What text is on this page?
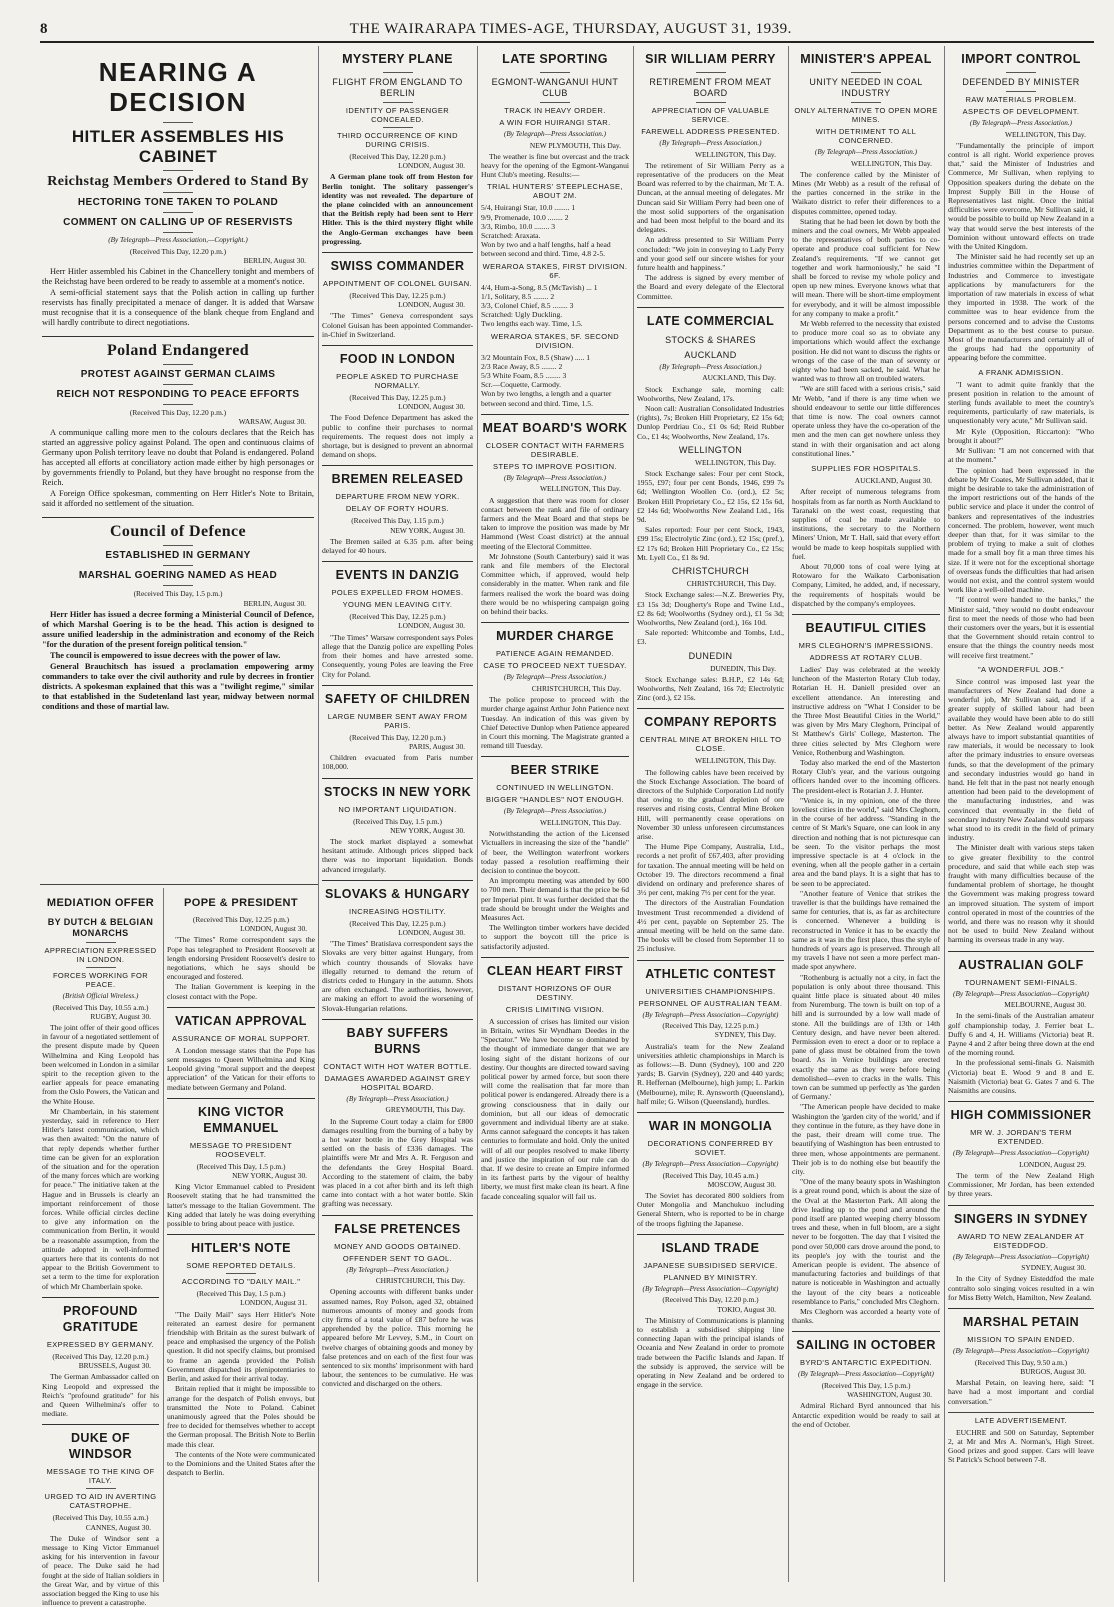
8	THE WAIRARAPA TIMES-AGE, THURSDAY, AUGUST 31, 1939.
NEARING A DECISION
HITLER ASSEMBLES HIS CABINET
Reichstag Members Ordered to Stand By
HECTORING TONE TAKEN TO POLAND
COMMENT ON CALLING UP OF RESERVISTS
(By Telegraph—Press Association,—Copyright.)
(Received This Day, 12.20 p.m.)
BERLIN, August 30.

Herr Hitler assembled his Cabinet in the Chancellery tonight and members of the Reichstag have been ordered to be ready to assemble at a moment's notice.

A semi-official statement says that the Polish action in calling up further reservists has finally precipitated a menace of danger. It is added that Warsaw must recognise that it is a consequence of the blank cheque from England and will hardly contribute to direct negotiations.

Poland Endangered
PROTEST AGAINST GERMAN CLAIMS
REICH NOT RESPONDING TO PEACE EFFORTS
(Received This Day, 12.20 p.m.)
WARSAW, August 30.

A communique calling more men to the colours declares that the Reich has started an aggressive policy against Poland. The open and continuous claims of Germany upon Polish territory leave no doubt that Poland is endangered. Poland has accepted all efforts at conciliatory action made either by high personages or by governments friendly to Poland, but they have brought no response from the Reich.

A Foreign Office spokesman, commenting on Herr Hitler's Note to Britain, said it afforded no settlement of the situation.

Council of Defence
ESTABLISHED IN GERMANY
MARSHAL GOERING NAMED AS HEAD
(Received This Day, 1.5 p.m.)
BERLIN, August 30.

Herr Hitler has issued a decree forming a Ministerial Council of Defence, of which Marshal Goering is to be the head. This action is designed to assure unified leadership in the administration and economy of the Reich "for the duration of the present foreign political tension."

The council is empowered to issue decrees with the power of law.

General Brauchitsch has issued a proclamation empowering army commanders to take over the civil authority and rule by decrees in frontier districts. A spokesman explained that this was a "twilight regime," similar to that established in the Sudetenland last year, midway between normal conditions and those of martial law.

MEDIATION OFFER
BY DUTCH & BELGIAN MONARCHS
APPRECIATION EXPRESSED IN LONDON.
FORCES WORKING FOR PEACE.
(British Official Wireless.)
(Received This Day, 10.55 a.m.)
RUGBY, August 30.

The joint offer of their good offices in favour of a negotiated settlement of the present dispute made by Queen Wilhelmina and King Leopold has been welcomed in London in a similar spirit to the reception given to the earlier appeals for peace emanating from the Oslo Powers, the Vatican and the White House.

Mr Chamberlain, in his statement yesterday, said in reference to Herr Hitler's latest communication, which was then awaited: "On the nature of that reply depends whether further time can be given for an exploration of the situation and for the operation of the many forces which are working for peace." The initiative taken at the Hague and in Brussels is clearly an important reinforcement of those forces. While official circles decline to give any information on the communication from Berlin, it would be a reasonable assumption, from the attitude adopted in well-informed quarters here that its contents do not appear to the British Government to set a term to the time for exploration of which Mr Chamberlain spoke.

PROFOUND GRATITUDE
EXPRESSED BY GERMANY.
(Received This Day, 12.20 p.m.)
BRUSSELS, August 30.

The German Ambassador called on King Leopold and expressed the Reich's "profound gratitude" for his and Queen Wilhelmina's offer to mediate.

DUKE OF WINDSOR
MESSAGE TO THE KING OF ITALY.
URGED TO AID IN AVERTING CATASTROPHE.
(Received This Day, 10.55 a.m.)
CANNES, August 30.

The Duke of Windsor sent a message to King Victor Emmanuel asking for his intervention in favour of peace. The Duke said he had fought at the side of Italian soldiers in the Great War, and by virtue of this association begged the King to use his influence to prevent a catastrophe.

POPE & PRESIDENT
(Received This Day, 12.25 p.m.)
LONDON, August 30.

"The Times" Rome correspondent says the Pope has telegraphed to President Roosevelt at length endorsing President Roosevelt's desire to negotiations, which he says should be encouraged and fostered.

The Italian Government is keeping in the closest contact with the Pope.

VATICAN APPROVAL
ASSURANCE OF MORAL SUPPORT.

A London message states that the Pope has sent messages to Queen Wilhelmina and King Leopold giving "moral support and the deepest appreciation" of the Vatican for their efforts to mediate between Germany and Poland.

KING VICTOR EMMANUEL
MESSAGE TO PRESIDENT ROOSEVELT.
(Received This Day, 1.5 p.m.)
NEW YORK, August 30.

King Victor Emmanuel cabled to President Roosevelt stating that he had transmitted the latter's message to the Italian Government. The King added that lately he was doing everything possible to bring about peace with justice.

HITLER'S NOTE
SOME REPORTED DETAILS.
ACCORDING TO "DAILY MAIL."
(Received This Day, 1.5 p.m.)
LONDON, August 31.

"The Daily Mail" says Herr Hitler's Note reiterated an earnest desire for permanent friendship with Britain as the surest bulwark of peace and emphasised the urgency of the Polish question. It did not specify claims, but promised to frame an agenda provided the Polish Government dispatched its plenipotentiaries to Berlin, and asked for their arrival today.

Britain replied that it might be impossible to arrange for the despatch of Polish envoys, but transmitted the Note to Poland. Cabinet unanimously agreed that the Poles should be free to decided for themselves whether to accept the German proposal. The British Note to Berlin made this clear.

The contents of the Note were communicated to the Dominions and the United States after the despatch to Berlin.

MYSTERY PLANE
FLIGHT FROM ENGLAND TO BERLIN
IDENTITY OF PASSENGER CONCEALED.
THIRD OCCURRENCE OF KIND DURING CRISIS.
(Received This Day, 12.20 p.m.)
LONDON, August 30.

A German plane took off from Heston for Berlin tonight. The solitary passenger's identity was not revealed. The departure of the plane coincided with an announcement that the British reply had been sent to Herr Hitler. This is the third mystery flight while the Anglo-German exchanges have been progressing.

SWISS COMMANDER
APPOINTMENT OF COLONEL GUISAN.
(Received This Day, 12.25 p.m.)
LONDON, August 30.

"The Times" Geneva correspondent says Colonel Guisan has been appointed Commander-in-Chief in Switzerland.

FOOD IN LONDON
PEOPLE ASKED TO PURCHASE NORMALLY.
(Received This Day, 12.25 p.m.)
LONDON, August 30.

The Food Defence Department has asked the public to confine their purchases to normal requirements. The request does not imply a shortage, but is designed to prevent an abnormal demand on shops.

BREMEN RELEASED
DEPARTURE FROM NEW YORK.
DELAY OF FORTY HOURS.
(Received This Day, 1.15 p.m.)
NEW YORK, August 30.

The Bremen sailed at 6.35 p.m. after being delayed for 40 hours.

EVENTS IN DANZIG
POLES EXPELLED FROM HOMES.
YOUNG MEN LEAVING CITY.
(Received This Day, 12.25 p.m.)
LONDON, August 30.

"The Times" Warsaw correspondent says Poles allege that the Danzig police are expelling Poles from their homes and have arrested some. Consequently, young Poles are leaving the Free City for Poland.

SAFETY OF CHILDREN
LARGE NUMBER SENT AWAY FROM PARIS.
(Received This Day, 12.20 p.m.)
PARIS, August 30.

Children evacuated from Paris number 108,000.

STOCKS IN NEW YORK
NO IMPORTANT LIQUIDATION.
(Received This Day, 1.5 p.m.)
NEW YORK, August 30.

The stock market displayed a somewhat hesitant attitude. Although prices slipped back there was no important liquidation. Bonds advanced irregularly.

SLOVAKS & HUNGARY
INCREASING HOSTILITY.
(Received This Day, 12.25 p.m.)
LONDON, August 30.

"The Times" Bratislava correspondent says the Slovaks are very bitter against Hungary, from which country thousands of Slovaks have illegally returned to demand the return of districts ceded to Hungary in the autumn. Shots are often exchanged. The authorities, however, are making an effort to avoid the worsening of Slovak-Hungarian relations.

BABY SUFFERS BURNS
CONTACT WITH HOT WATER BOTTLE.
DAMAGES AWARDED AGAINST GREY HOSPITAL BOARD.
(By Telegraph—Press Association.)
GREYMOUTH, This Day.

In the Supreme Court today a claim for £800 damages resulting from the burning of a baby by a hot water bottle in the Grey Hospital was settled on the basis of £336 damages. The plaintiffs were Mr and Mrs A. R. Ferguson and the defendants the Grey Hospital Board. According to the statement of claim, the baby was placed in a cot after birth and its left thigh came into contact with a hot water bottle. Skin grafting was necessary.

FALSE PRETENCES
MONEY AND GOODS OBTAINED.
OFFENDER SENT TO GAOL.
(By Telegraph—Press Association.)
CHRISTCHURCH, This Day.

Opening accounts with different banks under assumed names, Roy Polson, aged 32, obtained numerous amounts of money and goods from city firms of a total value of £87 before he was apprehended by the police. This morning he appeared before Mr Levvey, S.M., in Court on twelve charges of obtaining goods and money by false pretences and on each of the first four was sentenced to six months' imprisonment with hard labour, the sentences to be cumulative. He was convicted and discharged on the others.

LATE SPORTING
EGMONT-WANGANUI HUNT CLUB
TRACK IN HEAVY ORDER.
A WIN FOR HUIRANGI STAR.
(By Telegraph—Press Association.)
NEW PLYMOUTH, This Day.

The weather is fine but overcast and the track heavy for the opening of the Egmont-Wanganui Hunt Club's meeting. Results:—

TRIAL HUNTERS' STEEPLECHASE, ABOUT 2M.
5/4, Huirangi Star, 10.0 ........ 1
9/9, Promenade, 10.0 ........ 2
3/3, Rimbo, 10.0 ........ 3
Scratched: Araxata.
Won by two and a half lengths, half a head between second and third. Time, 4.8 2-5.
WERAROA STAKES, FIRST DIVISION. 6F.
4/4, Hum-a-Song, 8.5 (McTavish) ... 1
1/1, Solitary, 8.5 ........ 2
3/3, Colonel Chief, 8.5 ........ 3
Scratched: Ugly Duckling.
Two lengths each way. Time, 1.5.
WERAROA STAKES, 5F. SECOND DIVISION.
3/2 Mountain Fox, 8.5 (Shaw) ..... 1
2/3 Race Away, 8.5 ........ 2
5/3 White Foam, 8.5 ........ 3
Scr.—Coquette, Carmody.
Won by two lengths, a length and a quarter between second and third. Time, 1.5.
MEAT BOARD'S WORK
CLOSER CONTACT WITH FARMERS DESIRABLE.
STEPS TO IMPROVE POSITION.
(By Telegraph—Press Association.)
WELLINGTON, This Day.

A suggestion that there was room for closer contact between the rank and file of ordinary farmers and the Meat Board and that steps be taken to improve the position was made by Mr Hammond (West Coast district) at the annual meeting of the Electoral Committee.

Mr Johnstone (South Canterbury) said it was rank and file members of the Electoral Committee which, if approved, would help considerably in the matter. When rank and file farmers realised the work the board was doing there would be no whispering campaign going on behind their backs.

MURDER CHARGE
PATIENCE AGAIN REMANDED.
CASE TO PROCEED NEXT TUESDAY.
(By Telegraph—Press Association.)
CHRISTCHURCH, This Day.

The police propose to proceed with the murder charge against Arthur John Patience next Tuesday. An indication of this was given by Chief Detective Dunlop when Patience appeared in Court this morning. The Magistrate granted a remand till Tuesday.

BEER STRIKE
CONTINUED IN WELLINGTON.
BIGGER "HANDLES" NOT ENOUGH.
(By Telegraph—Press Association.)
WELLINGTON, This Day.

Notwithstanding the action of the Licensed Victuallers in increasing the size of the "handle" of beer, the Wellington waterfront workers today passed a resolution reaffirming their decision to continue the boycott.

An impromptu meeting was attended by 600 to 700 men. Their demand is that the price be 6d per Imperial pint. It was further decided that the trade should be brought under the Weights and Measures Act.

The Wellington timber workers have decided to support the boycott till the price is satisfactorily adjusted.

CLEAN HEART FIRST
DISTANT HORIZONS OF OUR DESTINY.
CRISIS LIMITING VISION.

A succession of crises has limited our vision in Britain, writes Sir Wyndham Deedes in the "Spectator." We have become so dominated by the thought of immediate danger that we are losing sight of the distant horizons of our destiny. Our thoughts are directed toward saving political power by armed force, but soon there will come the realisation that far more than political power is endangered. Already there is a growing consciousness that in daily our dominion, but all our ideas of democratic government and individual liberty are at stake. Arms cannot safeguard the concepts it has taken centuries to formulate and hold. Only the united will of all our peoples resolved to make liberty and justice the inspiration of our rule can do that. If we desire to create an Empire informed in its farthest parts by the vigour of healthy liberty, we must first make clean its heart. A fine facade concealing squalor will fail us.

SIR WILLIAM PERRY
RETIREMENT FROM MEAT BOARD
APPRECIATION OF VALUABLE SERVICE.
FAREWELL ADDRESS PRESENTED.
(By Telegraph—Press Association.)
WELLINGTON, This Day.

The retirement of Sir William Perry as a representative of the producers on the Meat Board was referred to by the chairman, Mr T. A. Duncan, at the annual meeting of delegates. Mr Duncan said Sir William Perry had been one of the most solid supporters of the organisation and had been most helpful to the board and its delegates.

An address presented to Sir William Perry concluded: "We join in conveying to Lady Perry and your good self our sincere wishes for your future health and happiness."

The address is signed by every member of the Board and every delegate of the Electoral Committee.

LATE COMMERCIAL
STOCKS & SHARES
AUCKLAND
(By Telegraph—Press Association.)
AUCKLAND, This Day.

Stock Exchange sale, morning call: Woolworths, New Zealand, 17s.

Noon call: Australian Consolidated Industries (rights), 7s; Broken Hill Proprietary, £2 15s 6d; Dunlop Perdriau Co., £1 0s 6d; Reid Rubber Co., £1 4s; Woolworths, New Zealand, 17s.

WELLINGTON
WELLINGTON, This Day.

Stock Exchange sales: Four per cent Stock, 1955, £97; four per cent Bonds, 1946, £99 7s 6d; Wellington Woollen Co. (ord.), £2 5s; Broken Hill Proprietary Co., £2 15s, £2 15s 6d, £2 14s 6d; Woolworths New Zealand Ltd., 16s 9d.

Sales reported: Four per cent Stock, 1943, £99 15s; Electrolytic Zinc (ord.), £2 15s; (pref.), £2 17s 6d; Broken Hill Proprietary Co., £2 15s; Mt. Lyell Co., £1 8s 9d.

CHRISTCHURCH
CHRISTCHURCH, This Day.

Stock Exchange sales:—N.Z. Breweries Pty, £3 15s 3d; Dougherty's Rope and Twine Ltd., £2 8s 6d; Woolworths (Sydney ord.), £1 5s 3d; Woolworths, New Zealand (ord.), 16s 10d.

Sale reported: Whitcombe and Tombs, Ltd., £3.

DUNEDIN
DUNEDIN, This Day.

Stock Exchange sales: B.H.P., £2 14s 6d; Woolworths, Nelt Zealand, 16s 7d; Electrolytic Zinc (ord.), £2 15s.

COMPANY REPORTS
CENTRAL MINE AT BROKEN HILL TO CLOSE.
WELLINGTON, This Day.

The following cables have been received by the Stock Exchange Association. The board of directors of the Sulphide Corporation Ltd notify that owing to the gradual depletion of ore reserves and rising costs, Central Mine Broken Hill, will permanently cease operations on November 30 unless unforeseen circumstances arise.

The Hume Pipe Company, Australia, Ltd., records a net profit of £67,403, after providing for taxation. The annual meeting will be held on October 19. The directors recommend a final dividend on ordinary and preference shares of 3½ per cent, making 7½ per cent for the year.

The directors of the Australian Foundation Investment Trust recommended a dividend of 4½ per cent, payable on September 25. The annual meeting will be held on the same date. The books will be closed from September 11 to 25 inclusive.

ATHLETIC CONTEST
UNIVERSITIES CHAMPIONSHIPS.
PERSONNEL OF AUSTRALIAN TEAM.
(By Telegraph—Press Association—Copyright)
(Received This Day, 12.25 p.m.)
SYDNEY, This Day.

Australia's team for the New Zealand universities athletic championships in March is as follows:—B. Dunn (Sydney), 100 and 220 yards; B. Garvin (Sydney), 220 and 440 yards; R. Heffernan (Melbourne), high jump; L. Parkin (Melbourne), mile; R. Aynsworth (Queensland), half mile; G. Wilson (Queensland), hurdles.

WAR IN MONGOLIA
DECORATIONS CONFERRED BY SOVIET.
(By Telegraph—Press Association—Copyright)
(Received This Day, 10.45 a.m.)
MOSCOW, August 30.

The Soviet has decorated 800 soldiers from Outer Mongolia and Manchukuo including General Shtern, who is reported to be in charge of the troops fighting the Japanese.

ISLAND TRADE
JAPANESE SUBSIDISED SERVICE.
PLANNED BY MINISTRY.
(By Telegraph—Press Association—Copyright)
(Received This Day, 12.20 p.m.)
TOKIO, August 30.

The Ministry of Communications is planning to establish a subsidised shipping line connecting Japan with the principal islands of Oceania and New Zealand in order to promote trade between the Pacific Islands and Japan. If the subsidy is approved, the service will be operating in New Zealand and be ordered to engage in the service.

MINISTER'S APPEAL
UNITY NEEDED IN COAL INDUSTRY
ONLY ALTERNATIVE TO OPEN MORE MINES.
WITH DETRIMENT TO ALL CONCERNED.
(By Telegraph—Press Association.)
WELLINGTON, This Day.

The conference called by the Minister of Mines (Mr Webb) as a result of the refusal of the parties concerned in the strike in the Waikato district to refer their differences to a disputes committee, opened today.

Stating that he had been let down by both the miners and the coal owners, Mr Webb appealed to the representatives of both parties to co-operate and produce coal sufficient for New Zealand's requirements. "If we cannot get together and work harmoniously," he said "I shall be forced to revise my whole policy and open up new mines. Everyone knows what that will mean. There will be short-time employment for everybody, and it will be almost impossible for any company to make a profit."

Mr Webb referred to the necessity that existed to produce more coal so as to obviate any importations which would affect the exchange position. He did not want to discuss the rights or wrongs of the case of the man of seventy or eighty who had been sacked, he said. What he wanted was to throw all on troubled waters.

"We are still faced with a serious crisis," said Mr Webb, "and if there is any time when we should endeavour to settle our little differences that time is now. The coal owners cannot operate unless they have the co-operation of the men and the men can get nowhere unless they stand in with their organisation and act along constitutional lines."

SUPPLIES FOR HOSPITALS.
AUCKLAND, August 30.

After receipt of numerous telegrams from hospitals from as far north as North Auckland to Taranaki on the west coast, requesting that supplies of coal be made available to institutions, the secretary to the Northern Miners' Union, Mr T. Hall, said that every effort would be made to keep hospitals supplied with fuel.

About 70,000 tons of coal were lying at Rotowaro for the Waikato Carbonisation Company, Limited, he added, and, if necessary, the requirements of hospitals would be dispatched by the company's employees.

BEAUTIFUL CITIES
MRS CLEGHORN'S IMPRESSIONS.
ADDRESS AT ROTARY CLUB.

Ladies' Day was celebrated at the weekly luncheon of the Masterton Rotary Club today, Rotarian H. H. Daniell presided over an excellent attendance. An interesting and instructive address on "What I Consider to be the Three Most Beautiful Cities in the World," was given by Mrs Mary Cleghorn, Principal of St Matthew's Girls' College, Masterton. The three cities selected by Mrs Cleghorn were Venice, Rothenburg and Washington.

Today also marked the end of the Masterton Rotary Club's year, and the various outgoing officers handed over to the incoming officers. The president-elect is Rotarian J. J. Hunter.

"Venice is, in my opinion, one of the three loveliest cities in the world," said Mrs Cleghorn, in the course of her address. "Standing in the centre of St Mark's Square, one can look in any direction and nothing that is not picturesque can be seen. To the visitor perhaps the most impressive spectacle is at 4 o'clock in the evening, when all the people gather in a certain area and the band plays. It is a sight that has to be seen to be appreciated.

"Another feature of Venice that strikes the traveller is that the buildings have remained the same for centuries, that is, as far as architecture is concerned. Whenever a building is reconstructed in Venice it has to be exactly the same as it was in the first place, thus the style of hundreds of years ago is preserved. Through all my travels I have not seen a more perfect man-made spot anywhere.

"Rothenburg is actually not a city, in fact the population is only about three thousand. This quaint little place is situated about 40 miles from Nuremburg. The town is built on top of a hill and is surrounded by a low wall made of stone. All the buildings are of 13th or 14th Century design, and have never been altered. Permission even to erect a door or to replace a pane of glass must be obtained from the town board. As in Venice buildings are erected exactly the same as they were before being demolished—even to cracks in the walls. This town can be summed up perfectly as 'the garden of Germany.'

"The American people have decided to make Washington the 'garden city of the world,' and if they continue in the future, as they have done in the past, their dream will come true. The beautifying of Washington has been entrusted to three men, whose appointments are permanent. Their job is to do nothing else but beautify the city.

"One of the many beauty spots in Washington is a great round pond, which is about the size of the Oval at the Masterton Park. All along the drive leading up to the pond and around the pond itself are planted weeping cherry blossom trees and these, when in full bloom, are a sight never to be forgotten. The day that I visited the pond over 50,000 cars drove around the pond, to its people's joy with the tourist and the American people is evident. The absence of manufacturing factories and buildings of that nature is noticeable in Washington and actually the layout of the city bears a noticeable resemblance to Paris," concluded Mrs Cleghorn.

Mrs Cleghorn was accorded a hearty vote of thanks.

SAILING IN OCTOBER
BYRD'S ANTARCTIC EXPEDITION.
(By Telegraph—Press Association—Copyright)
(Received This Day, 1.5 p.m.)
WASHINGTON, August 30.

Admiral Richard Byrd announced that his Antarctic expedition would be ready to sail at the end of October.

IMPORT CONTROL
DEFENDED BY MINISTER
RAW MATERIALS PROBLEM.
ASPECTS OF DEVELOPMENT.
(By Telegraph—Press Association.)
WELLINGTON, This Day.

"Fundamentally the principle of import control is all right. World experience proves that," said the Minister of Industries and Commerce, Mr Sullivan, when replying to Opposition speakers during the debate on the Imprest Supply Bill in the House of Representatives last night. Once the initial difficulties were overcome, Mr Sullivan said, it would be possible to build up New Zealand in a way that would serve the best interests of the Dominion without untoward effects on trade with the United Kingdom.

The Minister said he had recently set up an industries committee within the Department of Industries and Commerce to investigate applications by manufacturers for the importation of raw materials in excess of what they imported in 1938. The work of the committee was to hear evidence from the persons concerned and to advise the Customs Department as to the best course to pursue. Most of the manufacturers and certainly all of the groups had had the opportunity of appearing before the committee.

A FRANK ADMISSION.

"I want to admit quite frankly that the present position in relation to the amount of sterling funds available to meet the country's requirements, particularly of raw materials, is unquestionably very acute," Mr Sullivan said.

Mr Kyle (Opposition, Riccarton): "Who brought it about?"

Mr Sullivan: "I am not concerned with that at the moment."

The opinion had been expressed in the debate by Mr Coates, Mr Sullivan added, that it might be desirable to take the administration of the import restrictions out of the hands of the public service and place it under the control of bankers and representatives of the industries concerned. The problem, however, went much deeper than that, for it was similar to the problem of trying to make a suit of clothes made for a small boy fit a man three times his size. If it were not for the exceptional shortage of overseas funds the difficulties that had arisen would not exist, and the control system would work like a well-oiled machine.

"If control were handed to the banks," the Minister said, "they would no doubt endeavour first to meet the needs of those who had been their customers over the years, but it is essential that the Government should retain control to ensure that the things the country needs most will receive first treatment."

"A WONDERFUL JOB."

Since control was imposed last year the manufacturers of New Zealand had done a wonderful job, Mr Sullivan said, and if a greater supply of skilled labour had been available they would have been able to do still better. As New Zealand would apparently always have to import substantial quantities of raw materials, it would be necessary to look after the primary industries to ensure overseas funds, so that the development of the primary and secondary industries would go hand in hand. He felt that in the past not nearly enough attention had been paid to the development of the manufacturing industries, and was convinced that eventually in the field of secondary industry New Zealand would surpass what stood to its credit in the field of primary industry.

The Minister dealt with various steps taken to give greater flexibility to the control procedure, and said that while each step was fraught with many difficulties because of the fundamental problem of shortage, he thought the Government was making progress toward an improved situation. The system of import control operated in most of the countries of the world, and there was no reason why it should not be used to build New Zealand without harming its overseas trade in any way.

AUSTRALIAN GOLF
TOURNAMENT SEMI-FINALS.
(By Telegraph—Press Association—Copyright)
MELBOURNE, August 30.

In the semi-finals of the Australian amateur golf championship today, J. Ferrier beat L. Duffy 6 and 4, H. Williams (Victoria) beat R. Payne 4 and 2 after being three down at the end of the morning round.

In the professional semi-finals G. Naismith (Victoria) beat E. Wood 9 and 8 and E. Naismith (Victoria) beat G. Gates 7 and 6. The Naismiths are cousins.

HIGH COMMISSIONER
MR W. J. JORDAN'S TERM EXTENDED.
(By Telegraph—Press Association—Copyright)
LONDON, August 29.

The term of the New Zealand High Commissioner, Mr Jordan, has been extended by three years.

SINGERS IN SYDNEY
AWARD TO NEW ZEALANDER AT EISTEDDFOD.
(By Telegraph—Press Association—Copyright)
SYDNEY, August 30.

In the City of Sydney Eisteddfod the male contralto solo singing voices resulted in a win for Miss Betty Welch, Hamilton, New Zealand.

MARSHAL PETAIN
MISSION TO SPAIN ENDED.
(By Telegraph—Press Association—Copyright)
(Received This Day, 9.50 a.m.)
BURGOS, August 30.

Marshal Petain, on leaving here, said: "I have had a most important and cordial conversation."

LATE ADVERTISEMENT.

EUCHRE and 500 on Saturday, September 2, at Mr and Mrs A. Norman's, High Street. Good prizes and good supper. Cars will leave St Patrick's School between 7-8.
